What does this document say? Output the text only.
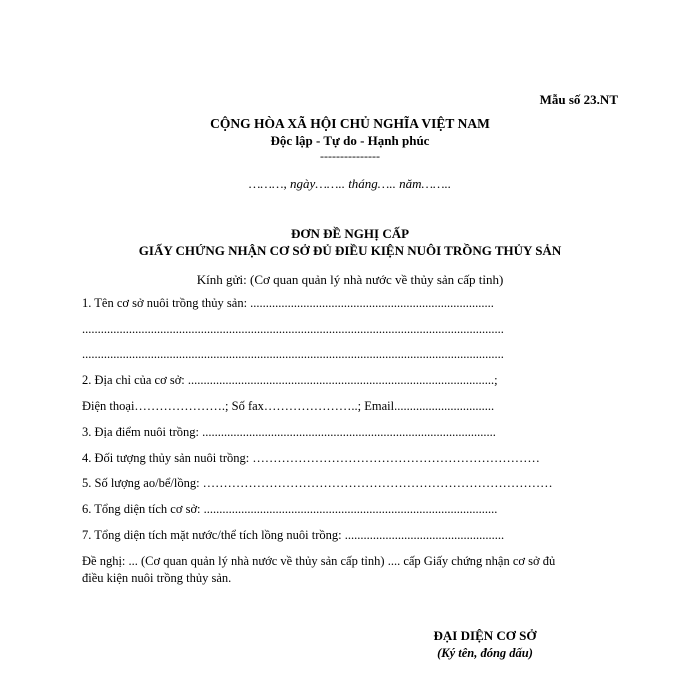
Mẫu số 23.NT
CỘNG HÒA XÃ HỘI CHỦ NGHĨA VIỆT NAM
Độc lập - Tự do - Hạnh phúc
---------------
………, ngày…….. tháng….. năm……..
ĐƠN ĐỀ NGHỊ CẤP
GIẤY CHỨNG NHẬN CƠ SỞ ĐỦ ĐIỀU KIỆN NUÔI TRỒNG THỦY SẢN
Kính gửi: (Cơ quan quản lý nhà nước về thủy sản cấp tỉnh)
1. Tên cơ sở nuôi trồng thủy sản: ..............................................................................
.......................................................................................................................................
.......................................................................................................................................
2. Địa chỉ của cơ sở: ..................................................................................................;
Điện thoại………………….; Số fax…………………..; Email................................
3. Địa điểm nuôi trồng: ..............................................................................................
4. Đối tượng thủy sản nuôi trồng: ……………………………………………………………
5. Số lượng ao/bể/lồng: …………………………………………………………………………
6. Tổng diện tích cơ sở: ..............................................................................................
7. Tổng diện tích mặt nước/thể tích lồng nuôi trồng: ...................................................
Đề nghị: ... (Cơ quan quản lý nhà nước về thủy sản cấp tỉnh) .... cấp Giấy chứng nhận cơ sở đủ
điều kiện nuôi trồng thủy sản.
ĐẠI DIỆN CƠ SỞ
(Ký tên, đóng dấu)
